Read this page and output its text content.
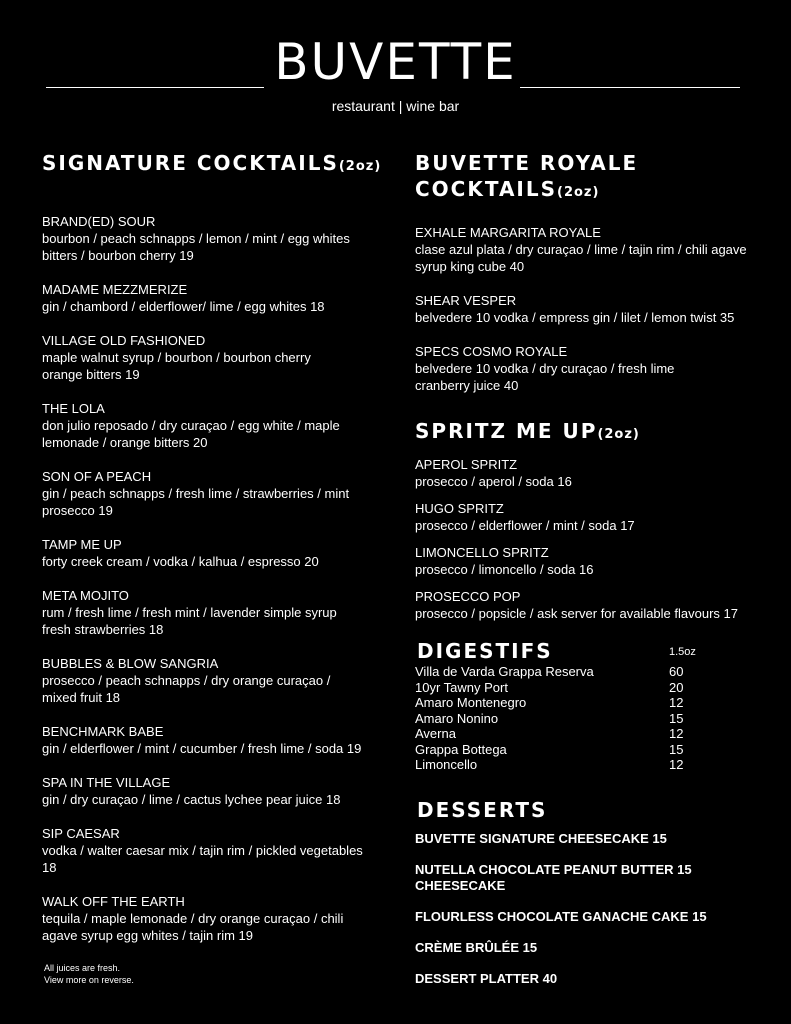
BUVETTE
restaurant | wine bar
SIGNATURE COCKTAILS(2oz)
BRAND(ED) SOUR
bourbon / peach schnapps / lemon / mint / egg whites
bitters / bourbon cherry 19
MADAME MEZZMERIZE
gin / chambord / elderflower/ lime / egg whites 18
VILLAGE OLD FASHIONED
maple walnut syrup / bourbon / bourbon cherry
orange bitters 19
THE LOLA
don julio reposado / dry curaçao / egg white / maple
lemonade / orange bitters 20
SON OF A PEACH
gin / peach schnapps / fresh lime / strawberries / mint
prosecco 19
TAMP ME UP
forty creek cream / vodka / kalhua / espresso 20
META MOJITO
rum / fresh lime / fresh mint / lavender simple syrup
fresh strawberries 18
BUBBLES & BLOW SANGRIA
prosecco / peach schnapps / dry orange curaçao /
mixed fruit 18
BENCHMARK BABE
gin / elderflower / mint / cucumber / fresh lime / soda 19
SPA IN THE VILLAGE
gin / dry curaçao / lime / cactus lychee pear juice 18
SIP CAESAR
vodka / walter caesar mix / tajin rim / pickled vegetables
18
WALK OFF THE EARTH
tequila / maple lemonade / dry orange curaçao / chili
agave syrup egg whites / tajin rim 19
All juices are fresh.
View more on reverse.
BUVETTE ROYALE
COCKTAILS(2oz)
EXHALE MARGARITA ROYALE
clase azul plata / dry curaçao / lime / tajin rim / chili agave
syrup king cube 40
SHEAR VESPER
belvedere 10 vodka / empress gin / lilet / lemon twist 35
SPECS COSMO ROYALE
belvedere 10 vodka / dry curaçao / fresh lime
cranberry juice 40
SPRITZ ME UP(2oz)
APEROL SPRITZ
prosecco / aperol / soda 16
HUGO SPRITZ
prosecco / elderflower / mint / soda 17
LIMONCELLO SPRITZ
prosecco / limoncello / soda 16
PROSECCO POP
prosecco / popsicle / ask server for available flavours 17
DIGESTIFS	1.5oz
Villa de Varda Grappa Reserva	60
10yr Tawny Port	20
Amaro Montenegro	12
Amaro Nonino	15
Averna	12
Grappa Bottega	15
Limoncello	12
DESSERTS
BUVETTE SIGNATURE CHEESECAKE 15
NUTELLA CHOCOLATE PEANUT BUTTER 15
CHEESECAKE
FLOURLESS CHOCOLATE GANACHE CAKE 15
CRÈME BRÛLÉE 15
DESSERT PLATTER 40
